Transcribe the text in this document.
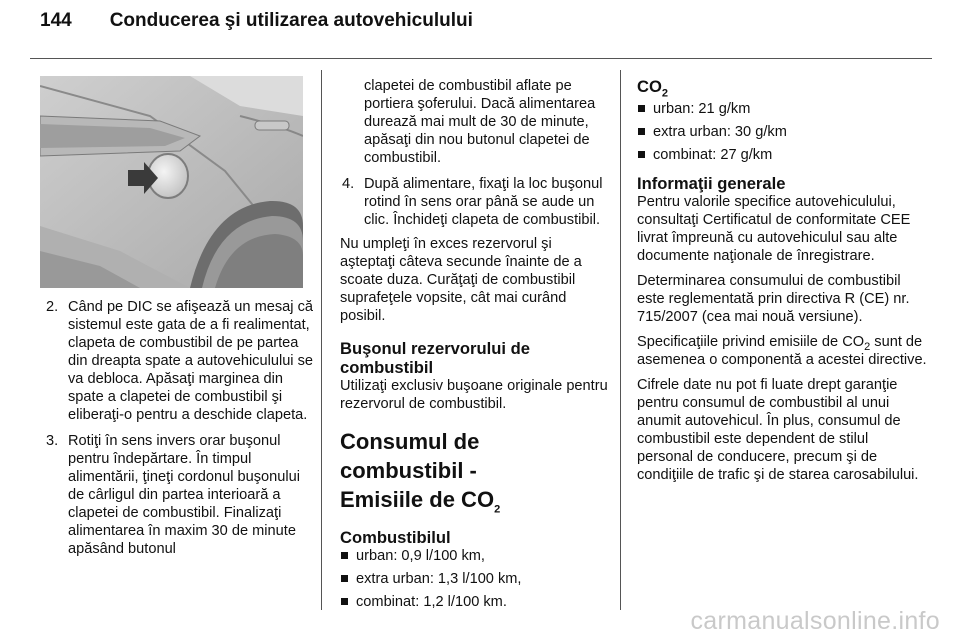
144 Conducerea şi utilizarea autovehiculului
2. Când pe DIC se afişează un mesaj că sistemul este gata de a fi realimentat, clapeta de combustibil de pe partea din dreapta spate a autovehiculului se va debloca. Apăsaţi marginea din spate a clapetei de combustibil şi eliberaţi-o pentru a deschide clapeta.
3. Rotiţi în sens invers orar buşonul pentru îndepărtare. În timpul alimentării, ţineţi cordonul buşonului de cârligul din partea interioară a clapetei de combustibil. Finalizaţi alimentarea în maxim 30 de minute apăsând butonul

clapetei de combustibil aflate pe portiera şoferului. Dacă alimentarea durează mai mult de 30 de minute, apăsaţi din nou butonul clapetei de combustibil.

4. După alimentare, fixaţi la loc buşonul rotind în sens orar până se aude un clic. Închideţi clapeta de combustibil.

Nu umpleţi în exces rezervorul şi aşteptaţi câteva secunde înainte de a scoate duza. Curăţaţi de combustibil suprafeţele vopsite, cât mai curând posibil.

Buşonul rezervorului de combustibil

Utilizaţi exclusiv buşoane originale pentru rezervorul de combustibil.

Consumul de combustibil -
Emisiile de $CO_2$
Combustibilul
urban: 0,9 l/100 km,
extra urban: 1,3 l/100 km,
combinat: 1,2 l/100 km.
$CO_2$
urban: 21 g/km
extra urban: 30 g/km
combinat: 27 g/km
Informaţii generale

Pentru valorile specifice autovehiculului, consultaţi Certificatul de conformitate CEE livrat împreună cu autovehiculul sau alte documente naţionale de înregistrare.

Determinarea consumului de combustibil este reglementată prin directiva R (CE) nr. 715/2007 (cea mai nouă versiune).

Specificaţiile privind emisiile de $CO_2$ sunt de asemenea o componentă a acestei directive.

Cifrele date nu pot fi luate drept garanţie pentru consumul de combustibil al unui anumit autovehicul. În plus, consumul de combustibil este dependent de stilul personal de conducere, precum şi de condiţiile de trafic şi de starea carosabilului.

carmanualsonline.info
